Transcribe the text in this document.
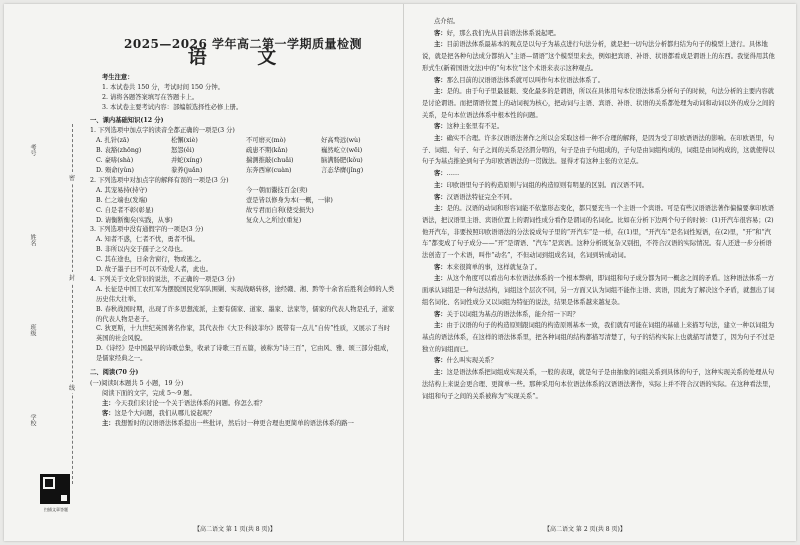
考号
姓名
班级
学校
密
封
线
扫描文章答题
2025—2026 学年高二第一学期质量检测
语 文
考生注意：
1. 本试卷共 150 分，考试时间 150 分钟。
2. 请将各题答案填写在答题卡上。
3. 本试卷主要考试内容：部编版选择性必修上册。
一、课内基础知识(12 分)
1. 下列选项中加点字的读音全都正确的一项是(3 分)
A. 扎针(zā)	松懈(xiè)	不可磨灭(mò)	好高骛远(wù)
B. 袁豁(zhōng)	怒怨(ěi)	疏患不期(kǎn)	巍然屹立(wēi)
C. 豪哧(shà)	并蛇(xíng)	揣测推敲(chuǎi)	脑满肠肥(kǒu)
D. 殒命(yǔn)	豢养(juǎn)	东奔西窜(cuàn)	言态华膺(jǐng)
2. 下列选项中对加点字的解释有误的一项是(3 分)
A. 其宠易持(持守)	今一朝而鬻技百金(卖)
B. 仁之端也(发端)	壹是皆以修身为本(一概，一律)
C. 自是者不彰(彰显)	故亏君而自利(使受损失)
D. 请衡断衡矣(实践，从事)	复众人之所过(重复)
3. 下列选项中没有通假字的一项是(3 分)
A. 知者不惑，仁者不忧，勇者不惧。
B. 非所以内交于孺子之父母也。
C. 其在途也，日余舍窗行，物或逃之。
D. 故子墨子曰不可以不劝爱人者，此也。
4. 下列关于文化常识的说法，不正确的一项是(3 分)
A. 长征是中国工农红军为摆脱国民党军队围剿、实现战略转移，途经赣、湘、黔等十余省后胜利会师的人类历史伟大壮举。
B. 春秋战国时期，出现了许多思想流派，主要有儒家、道家、墨家、法家等，儒家的代表人物是孔子，道家的代表人物是老子。
C. 狄更斯，十九世纪英国著名作家，其代表作《大卫·科波菲尔》既带有一点儿“自传”性质，又展示了当时英国的社会风貌。
D.《诗经》是中国最早的诗歌总集，收录了诗歌三百五篇，被称为“诗三百”，它由风、雅、颂三部分组成，是儒家经典之一。
二、阅读(70 分)
(一)阅读Ⅰ(本题共 5 小题，19 分)
阅读下面的文字，完成 5～9 题。
主：今天我们来讨论一个关于语法体系的问题。你怎么看？
客：这是个大问题，我们从哪儿说起呢？
主：我想暂时的汉语语法体系提出一些批评，然后讨一种更合理也更简单的语法体系的路一
【高二语文 第 1 页(共 8 页)】
点介绍。
客：好，那么我们先从目前语法体系说起吧。
主：目前语法体系最基本的观点是以句子为基点进行句法分析，就是把一切句法分析都归结为句子的模型上进行。具体地说，就是把各种句法成分都纳入“主语—谓语”这个模型里来去，例如把宾语、补语、状语都看成是谓语上的东西。我觉得用其他形式生(新着国语文法)中的“句本位”这个术语来表示这种观点。
客：那么目前的汉语语法体系就可以叫作句本位语法体系了。
主：是的。由于句子里最显眼、变化最多的是谓语，所以在具体用句本位语法体系分析句子的时候，句法分析的主要内容就是讨论谓语。而把谓语位置上的动词视为核心，把动词与主语、宾语、补语、状语的关系都处理为动词和动词以外的成分之间的关系，是句本位语法体系中根本性的问题。
客：这种主张里有不足。
主：确实不合理。许多汉语语法著作之所以会采取这样一种不合理的解释，是因为受了印欧语语法的影响。在印欧语里，句子、词组、句子、句子之间的关系是泾渭分明的，句子是由子句组成的，子句是由词组构成的，词组是由词构成的，这就使得以句子为基点推论到句子为印欧语语法的一贯做法。显得才有这种主张的立足点。
客：……
主：印欧语里句子的构造原则与词组的构造原则有明显的区别。而汉语不同。
客：汉语语法特征完全不同。
主：是的。汉语的动词和形容词能不依靠形态变化，都只要充当一个主语一个宾语。可是有些汉语语法著作偏偏要拿印欧语语法，把汉语里主语、宾语位置上的谓词性成分看作是谓词的名词化。比如在分析下边两个句子的时候：(1)开汽车很容易；(2)他开汽车，非要按照印欧语语法的分法说成句子里的“开汽车”是一样，在(1)里，“开汽车”是名词性短语，在(2)里，“开”和“汽车”都变成了句子成分——“开”是谓语、“汽车”是宾语。这种分析既复杂又别扭，不符合汉语的实际情况。有人还进一步分析语法创造了一个术语，叫作“动名”，不但动词到组成名词，名词到转成动词。
客：本来很简单的事，这样就复杂了。
主：从这个角度可以看出句本位语法体系的一个根本弊病，即词组和句子成分都为同一概念之间的矛盾。这种语法体系一方面承认词组是一种句法结构，词组这个层次不同，另一方面又认为词组不能作主语、宾语，因此为了解决这个矛盾，就想出了词组名词化、名词性成分又以词组为特征的说法，结果是体系越来越复杂。
客：关于以词组为基点的语法体系，能介绍一下吗？
主：由于汉语的句子的构造原则跟词组的构造原则基本一致，我们就有可能在词组的基础上来描写句法，建立一种以词组为基点的语法体系，在这样的语法体系里，把各种词组的结构都描写清楚了，句子的结构实际上也就描写清楚了，因为句子不过是独立的词组而已。
客：什么叫实现关系？
主：这是语法体系把词组成实现关系，一般的表现，就是句子是由抽象的词组关系到具体的句子，这种实现关系的处理从句法结构上来说会更合理、更简单一些。那种采用句本位语法体系的汉语语法著作，实际上并不符合汉语的实际。在这种看法里，词组和句子之间的关系被称为“实现关系”。
【高二语文 第 2 页(共 8 页)】
